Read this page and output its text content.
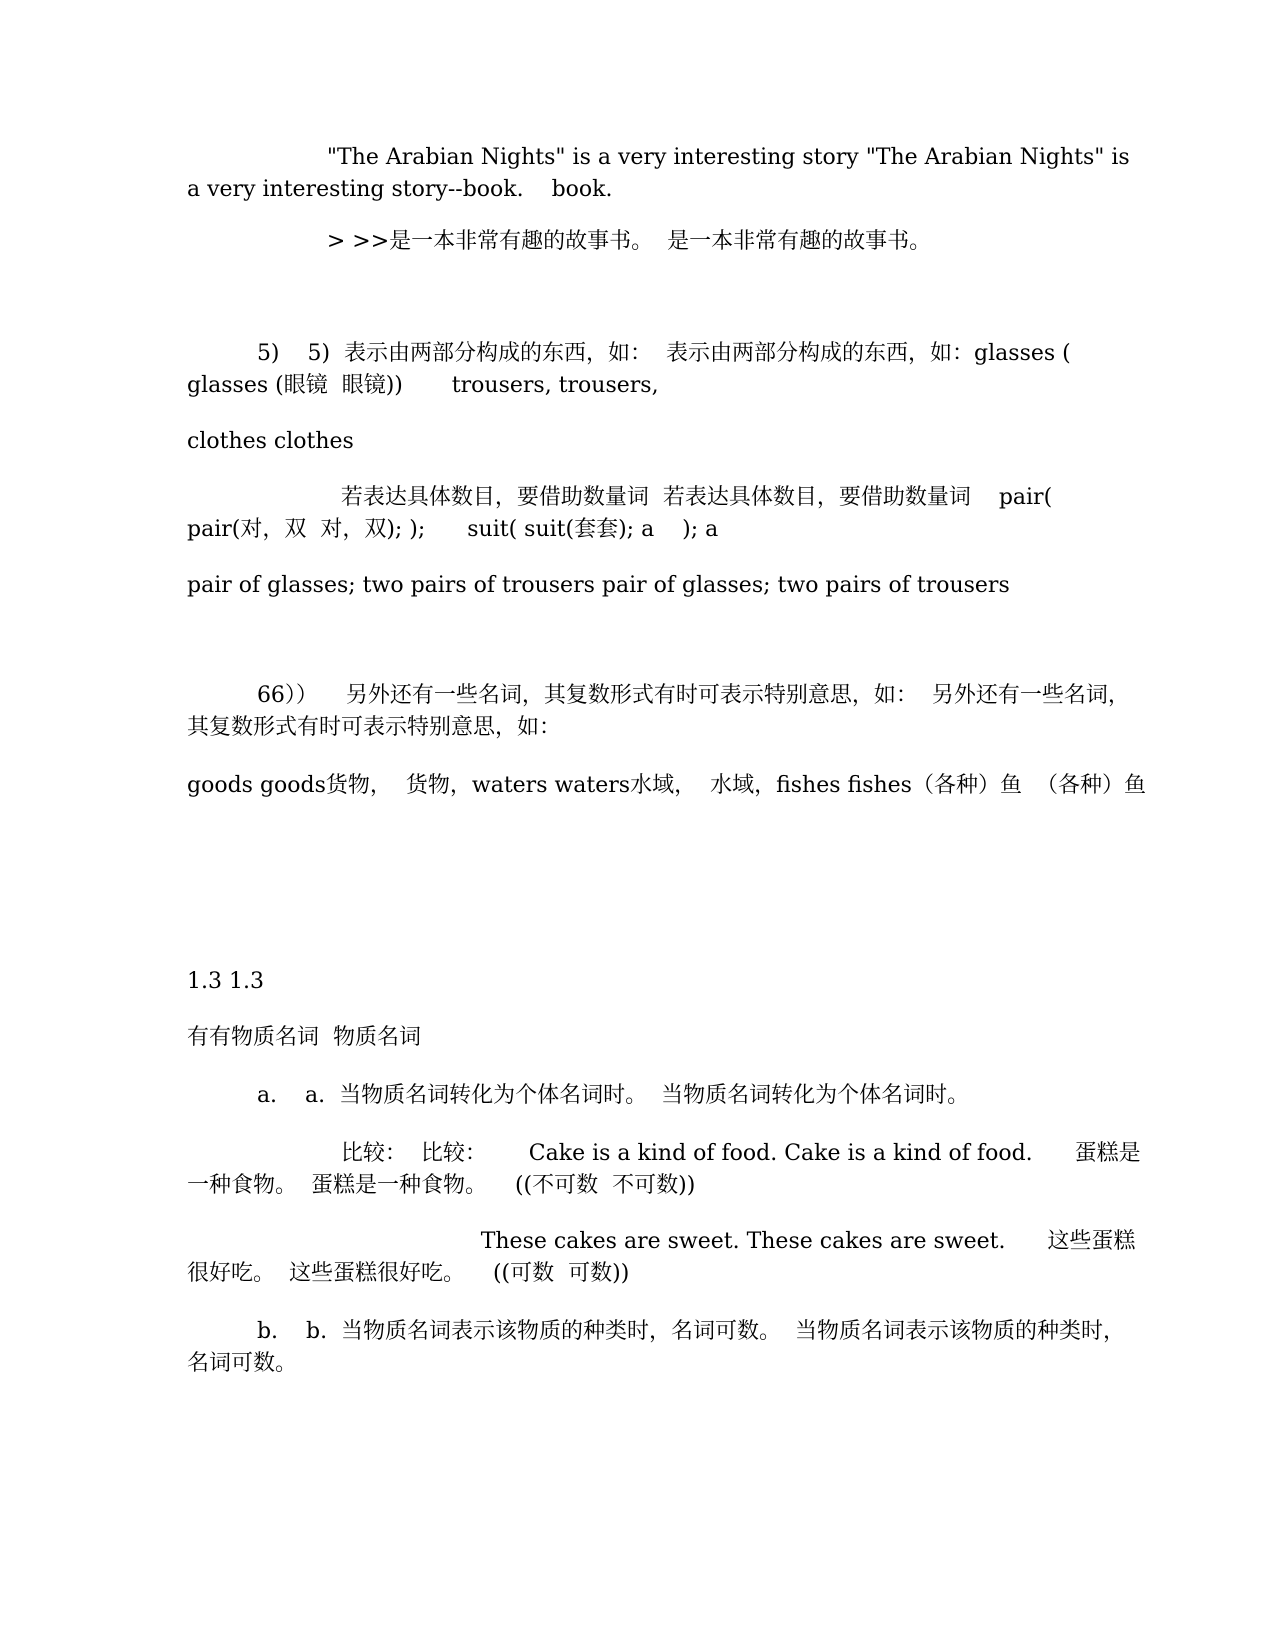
"The Arabian Nights" is a very interesting story "The Arabian Nights" is a very interesting story--book.    book.

> >>是一本非常有趣的故事书。  是一本非常有趣的故事书。

5)    5)  表示由两部分构成的东西，如：  表示由两部分构成的东西，如：glasses ( glasses (眼镜  眼镜))       trousers, trousers,

clothes clothes

若表达具体数目，要借助数量词  若表达具体数目，要借助数量词    pair( pair(对，双  对，双); );      suit( suit(套套); a    ); a

pair of glasses; two pairs of trousers pair of glasses; two pairs of trousers

66））    另外还有一些名词，其复数形式有时可表示特别意思，如：  另外还有一些名词，其复数形式有时可表示特别意思，如：

goods goods货物，  货物，waters waters水域，  水域，fishes fishes（各种）鱼  （各种）鱼

1.3 1.3

有有物质名词  物质名词

a.    a.  当物质名词转化为个体名词时。  当物质名词转化为个体名词时。

比较：  比较：      Cake is a kind of food. Cake is a kind of food.      蛋糕是一种食物。  蛋糕是一种食物。    ((不可数  不可数))

These cakes are sweet. These cakes are sweet.      这些蛋糕很好吃。  这些蛋糕很好吃。    ((可数  可数))

b.    b.  当物质名词表示该物质的种类时，名词可数。  当物质名词表示该物质的种类时，名词可数。
